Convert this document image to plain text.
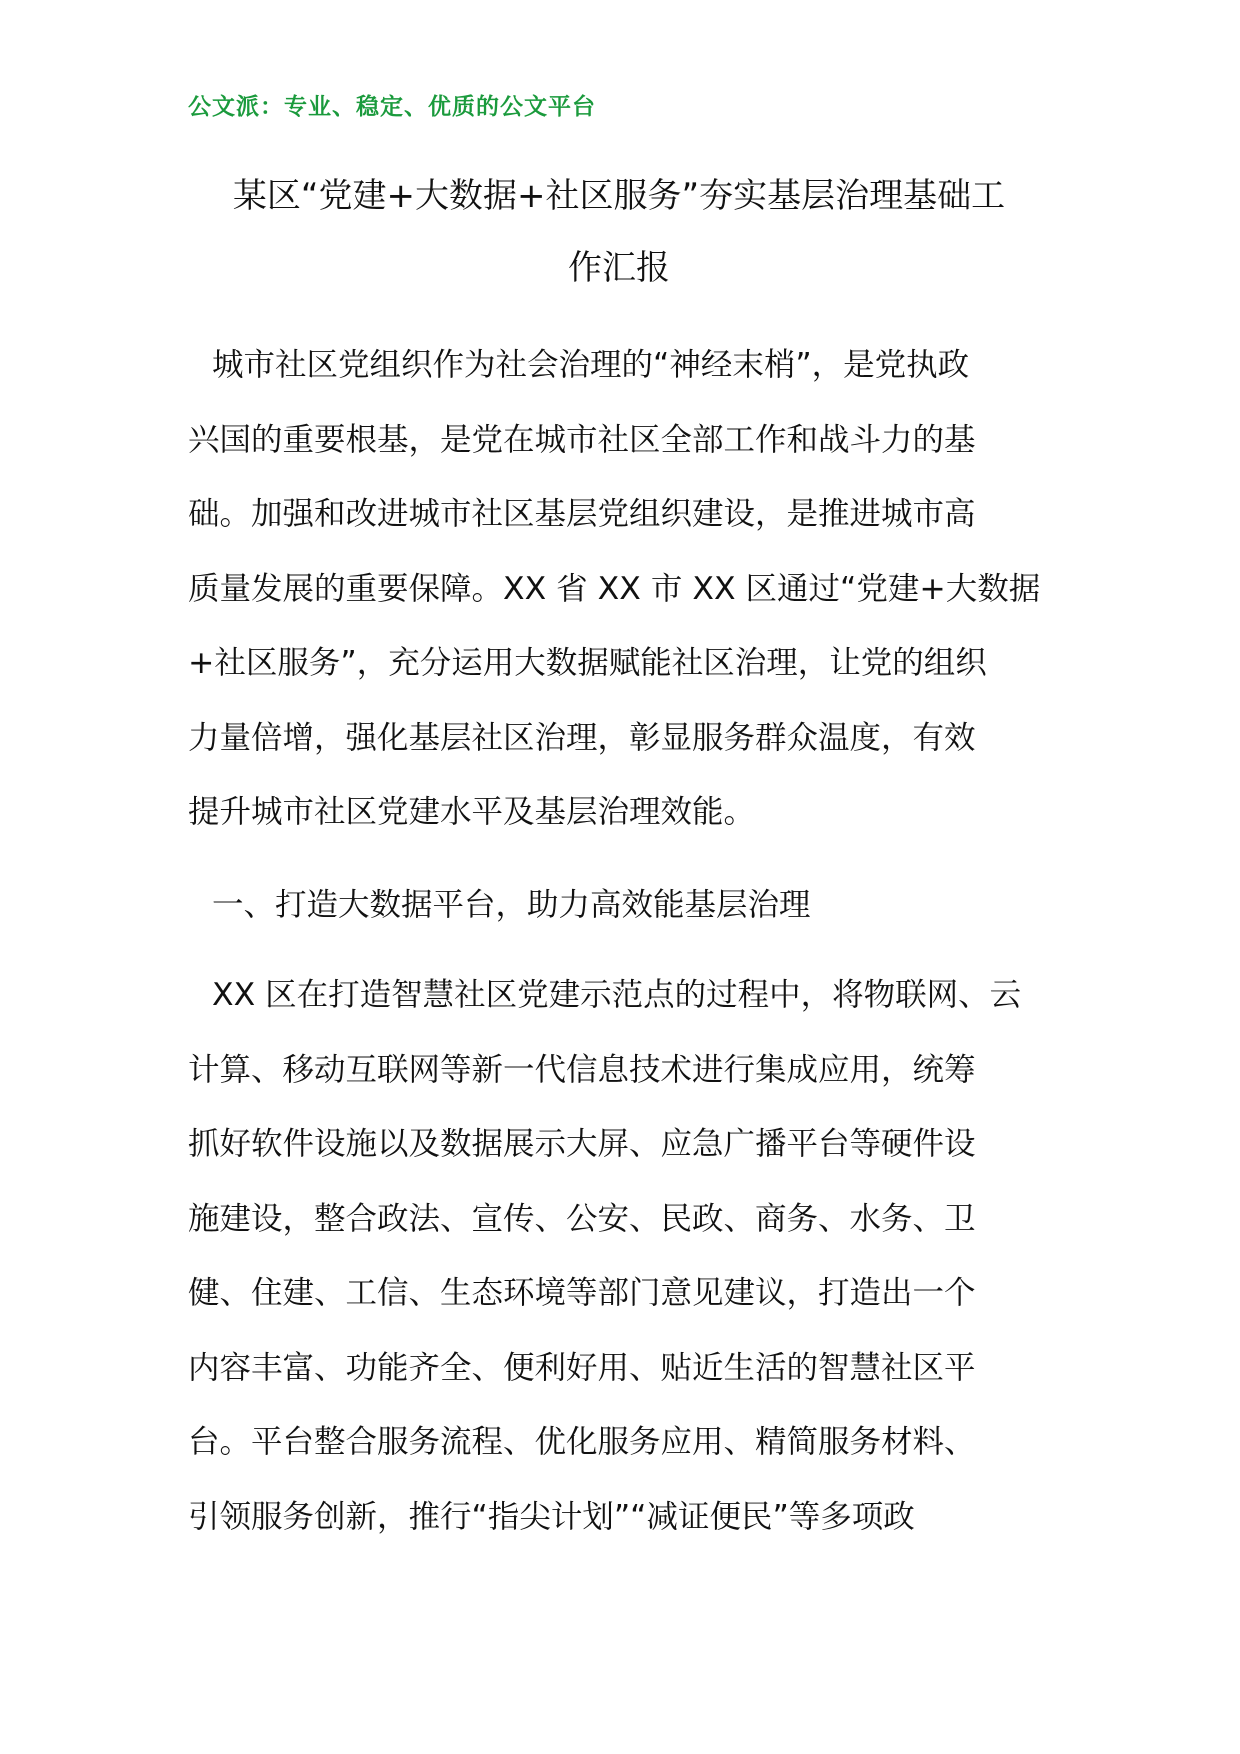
公文派：专业、稳定、优质的公文平台
某区“党建+大数据+社区服务”夯实基层治理基础工
作汇报
城市社区党组织作为社会治理的“神经末梢”，是党执政
兴国的重要根基，是党在城市社区全部工作和战斗力的基
础。加强和改进城市社区基层党组织建设，是推进城市高
质量发展的重要保障。XX 省 XX 市 XX 区通过“党建+大数据
+社区服务”，充分运用大数据赋能社区治理，让党的组织
力量倍增，强化基层社区治理，彰显服务群众温度，有效
提升城市社区党建水平及基层治理效能。
一、打造大数据平台，助力高效能基层治理
XX 区在打造智慧社区党建示范点的过程中，将物联网、云
计算、移动互联网等新一代信息技术进行集成应用，统筹
抓好软件设施以及数据展示大屏、应急广播平台等硬件设
施建设，整合政法、宣传、公安、民政、商务、水务、卫
健、住建、工信、生态环境等部门意见建议，打造出一个
内容丰富、功能齐全、便利好用、贴近生活的智慧社区平
台。平台整合服务流程、优化服务应用、精简服务材料、
引领服务创新，推行“指尖计划”“减证便民”等多项政
